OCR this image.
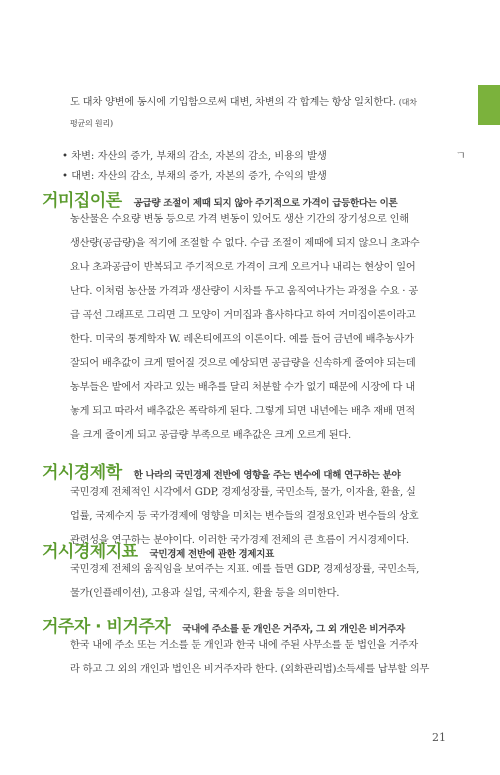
ㄱ
도 대차 양변에 동시에 기입함으로써 대변, 차변의 각 합계는 항상 일치한다. (대차
평균의 원리)
• 차변: 자산의 증가, 부채의 감소, 자본의 감소, 비용의 발생
• 대변: 자산의 감소, 부채의 증가, 자본의 증가, 수익의 발생
거미집이론 공급량 조절이 제때 되지 않아 주기적으로 가격이 급등한다는 이론
농산물은 수요량 변동 등으로 가격 변동이 있어도 생산 기간의 장기성으로 인해
생산량(공급량)을 적기에 조절할 수 없다. 수급 조절이 제때에 되지 않으니 초과수
요나 초과공급이 반복되고 주기적으로 가격이 크게 오르거나 내리는 현상이 일어
난다. 이처럼 농산물 가격과 생산량이 시차를 두고 움직여나가는 과정을 수요 · 공
급 곡선 그래프로 그리면 그 모양이 거미집과 흡사하다고 하여 거미집이론이라고
한다. 미국의 통계학자 W. 레온티에프의 이론이다. 예를 들어 금년에 배추농사가
잘되어 배추값이 크게 떨어질 것으로 예상되면 공급량을 신속하게 줄여야 되는데
농부들은 밭에서 자라고 있는 배추를 달리 처분할 수가 없기 때문에 시장에 다 내
놓게 되고 따라서 배추값은 폭락하게 된다. 그렇게 되면 내년에는 배추 재배 면적
을 크게 줄이게 되고 공급량 부족으로 배추값은 크게 오르게 된다.
거시경제학 한 나라의 국민경제 전반에 영향을 주는 변수에 대해 연구하는 분야
국민경제 전체적인 시각에서 GDP, 경제성장률, 국민소득, 물가, 이자율, 환율, 실
업률, 국제수지 등 국가경제에 영향을 미치는 변수들의 결정요인과 변수들의 상호
관련성을 연구하는 분야이다. 이러한 국가경제 전체의 큰 흐름이 거시경제이다.
거시경제지표 국민경제 전반에 관한 경제지표
국민경제 전체의 움직임을 보여주는 지표. 예를 들면 GDP, 경제성장률, 국민소득,
물가(인플레이션), 고용과 실업, 국제수지, 환율 등을 의미한다.
거주자 · 비거주자 국내에 주소를 둔 개인은 거주자, 그 외 개인은 비거주자
한국 내에 주소 또는 거소를 둔 개인과 한국 내에 주된 사무소를 둔 법인을 거주자
라 하고 그 외의 개인과 법인은 비거주자라 한다. (외화관리법)소득세를 납부할 의무
21
